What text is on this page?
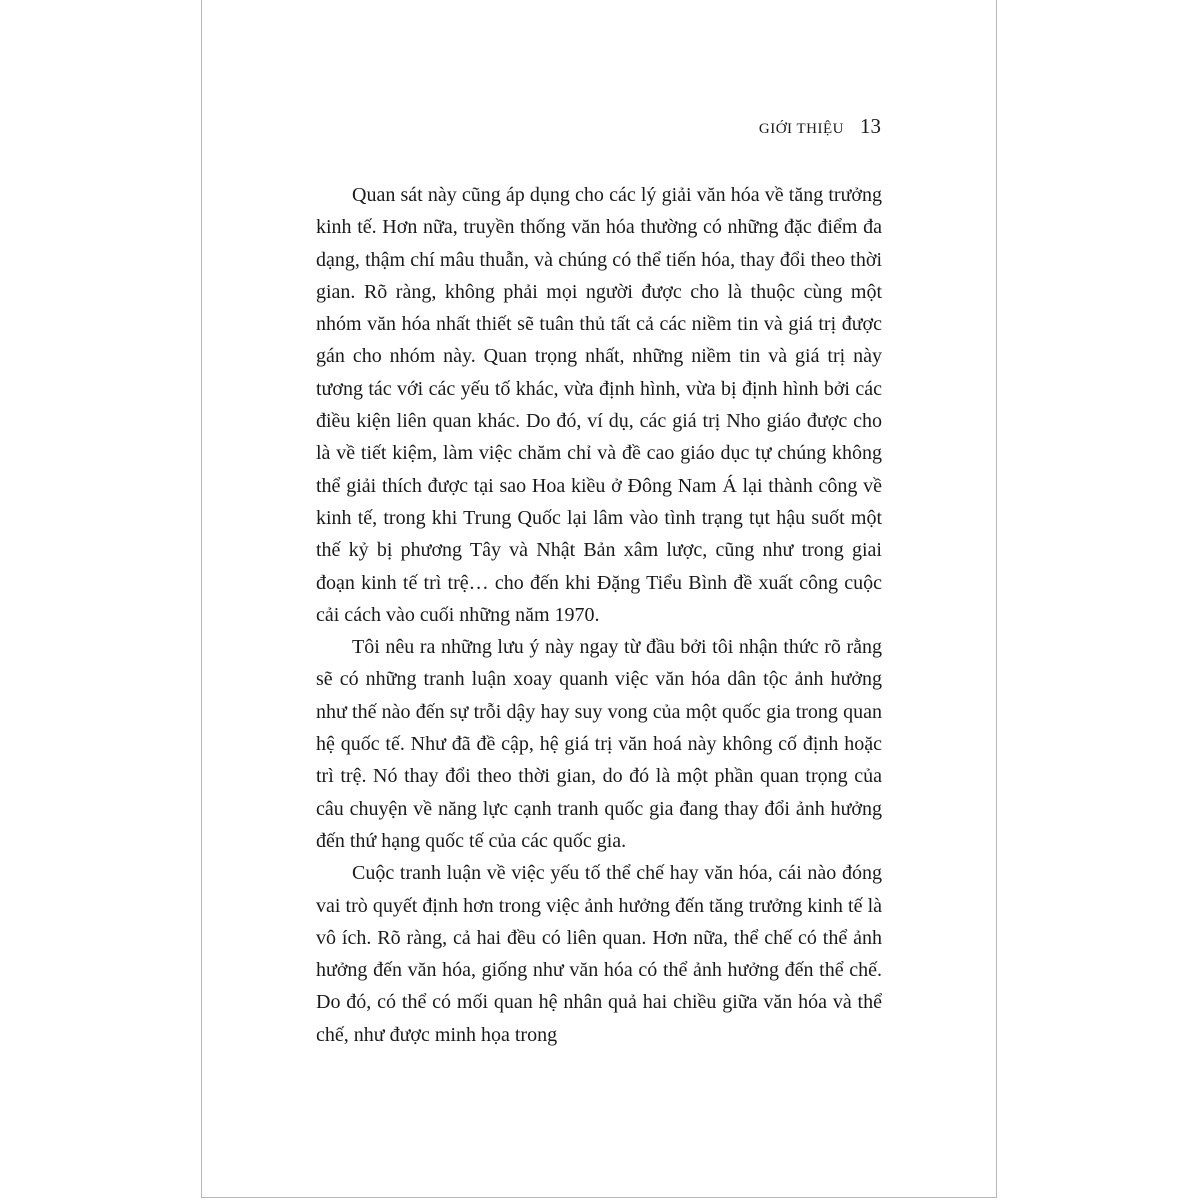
GIỚI THIỆU 13

Quan sát này cũng áp dụng cho các lý giải văn hóa về tăng trưởng kinh tế. Hơn nữa, truyền thống văn hóa thường có những đặc điểm đa dạng, thậm chí mâu thuẫn, và chúng có thể tiến hóa, thay đổi theo thời gian. Rõ ràng, không phải mọi người được cho là thuộc cùng một nhóm văn hóa nhất thiết sẽ tuân thủ tất cả các niềm tin và giá trị được gán cho nhóm này. Quan trọng nhất, những niềm tin và giá trị này tương tác với các yếu tố khác, vừa định hình, vừa bị định hình bởi các điều kiện liên quan khác. Do đó, ví dụ, các giá trị Nho giáo được cho là về tiết kiệm, làm việc chăm chỉ và đề cao giáo dục tự chúng không thể giải thích được tại sao Hoa kiều ở Đông Nam Á lại thành công về kinh tế, trong khi Trung Quốc lại lâm vào tình trạng tụt hậu suốt một thế kỷ bị phương Tây và Nhật Bản xâm lược, cũng như trong giai đoạn kinh tế trì trệ… cho đến khi Đặng Tiểu Bình đề xuất công cuộc cải cách vào cuối những năm 1970.

Tôi nêu ra những lưu ý này ngay từ đầu bởi tôi nhận thức rõ rằng sẽ có những tranh luận xoay quanh việc văn hóa dân tộc ảnh hưởng như thế nào đến sự trỗi dậy hay suy vong của một quốc gia trong quan hệ quốc tế. Như đã đề cập, hệ giá trị văn hoá này không cố định hoặc trì trệ. Nó thay đổi theo thời gian, do đó là một phần quan trọng của câu chuyện về năng lực cạnh tranh quốc gia đang thay đổi ảnh hưởng đến thứ hạng quốc tế của các quốc gia.

Cuộc tranh luận về việc yếu tố thể chế hay văn hóa, cái nào đóng vai trò quyết định hơn trong việc ảnh hưởng đến tăng trưởng kinh tế là vô ích. Rõ ràng, cả hai đều có liên quan. Hơn nữa, thể chế có thể ảnh hưởng đến văn hóa, giống như văn hóa có thể ảnh hưởng đến thể chế. Do đó, có thể có mối quan hệ nhân quả hai chiều giữa văn hóa và thể chế, như được minh họa trong
